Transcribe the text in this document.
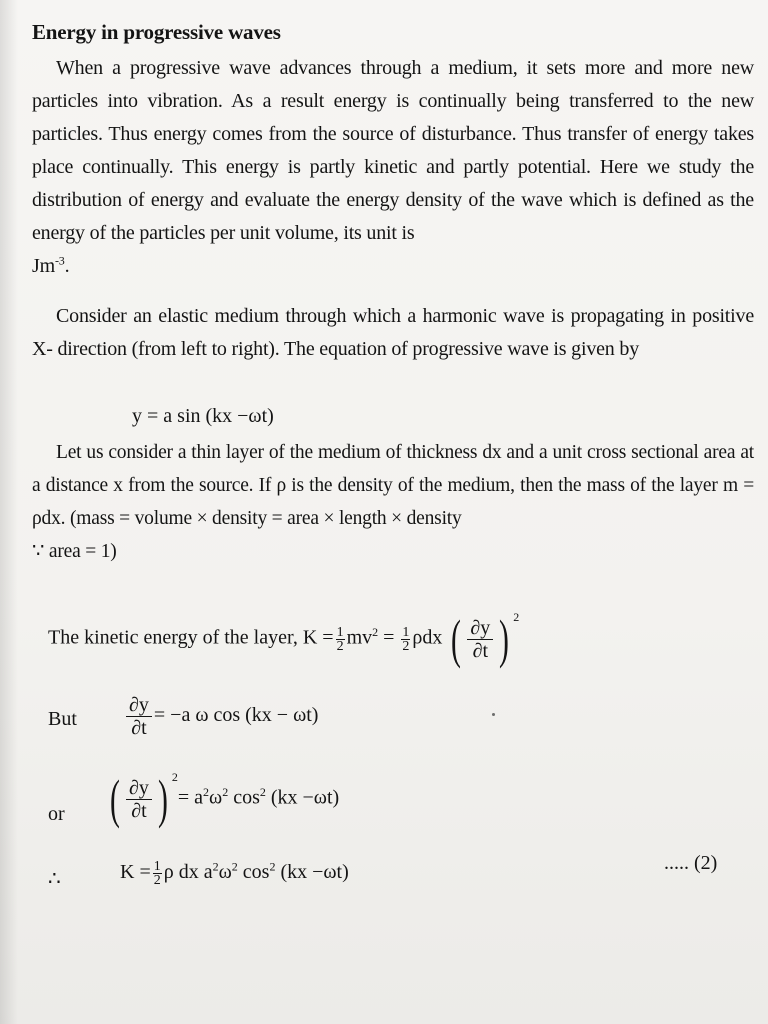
Energy in progressive waves
When a progressive wave advances through a medium, it sets more and more new particles into vibration. As a result energy is continually being transferred to the new particles. Thus energy comes from the source of disturbance. Thus transfer of energy takes place continually. This energy is partly kinetic and partly potential. Here we study the distribution of energy and evaluate the energy density of the wave which is defined as the energy of the particles per unit volume, its unit is
$Jm^{-3}$.
Consider an elastic medium through which a harmonic wave is propagating in positive X- direction (from left to right). The equation of progressive wave is given by
y = a sin (kx −ωt)
Let us consider a thin layer of the medium of thickness dx and a unit cross sectional area at a distance x from the source. If ρ is the density of the medium, then the mass of the layer m = ρdx. (mass = volume × density = area × length × density
∵ area = 1)
The kinetic energy of the layer, $K = \frac{1}{2} mv^2 = \frac{1}{2}$ ρdx ( $\frac{\partial y}{\partial t}$ ) $^2$
But $\frac{\partial y}{\partial t} = -a$ ω cos (kx − ωt)
or ( $\frac{\partial y}{\partial t}$ ) $^2$
= $a^2\omega^2$ $\cos^2 (kx -\omega t)$
∴	$K = \frac{1}{2}$ ρ dx $a^2\omega^2$ $\cos^2 (kx -\omega t)$	..... (2)
